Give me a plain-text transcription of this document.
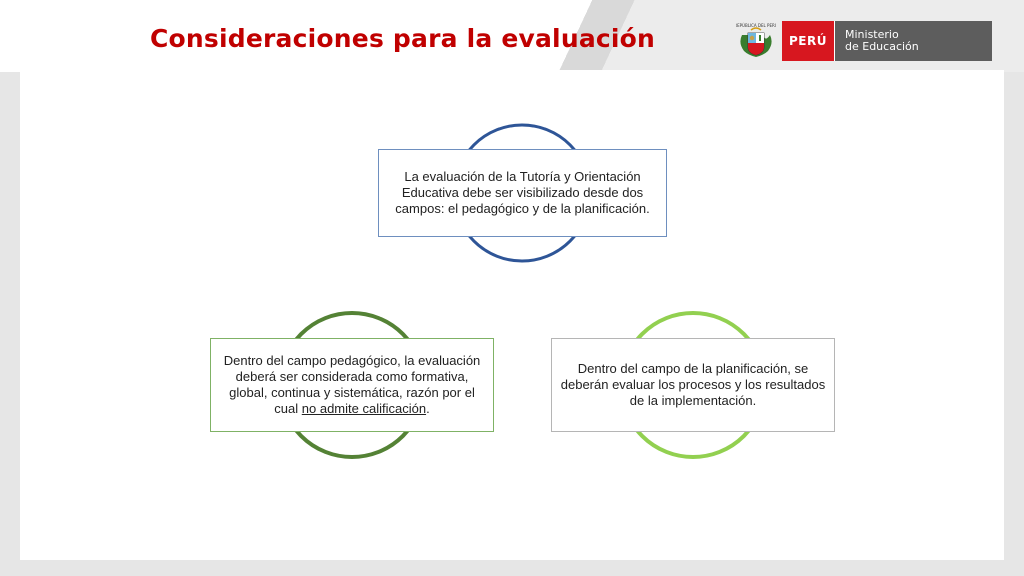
Consideraciones para la evaluación	REPÚBLICA DEL PERÚ
PERÚ	Ministerio
de Educación
La evaluación de la Tutoría y Orientación Educativa debe ser visibilizado desde dos campos: el pedagógico y de la planificación.
Dentro del campo pedagógico, la evaluación deberá ser considerada como formativa, global, continua y sistemática, razón por el cual no admite calificación.
Dentro del campo de la planificación, se deberán evaluar los procesos y los resultados de la implementación.
